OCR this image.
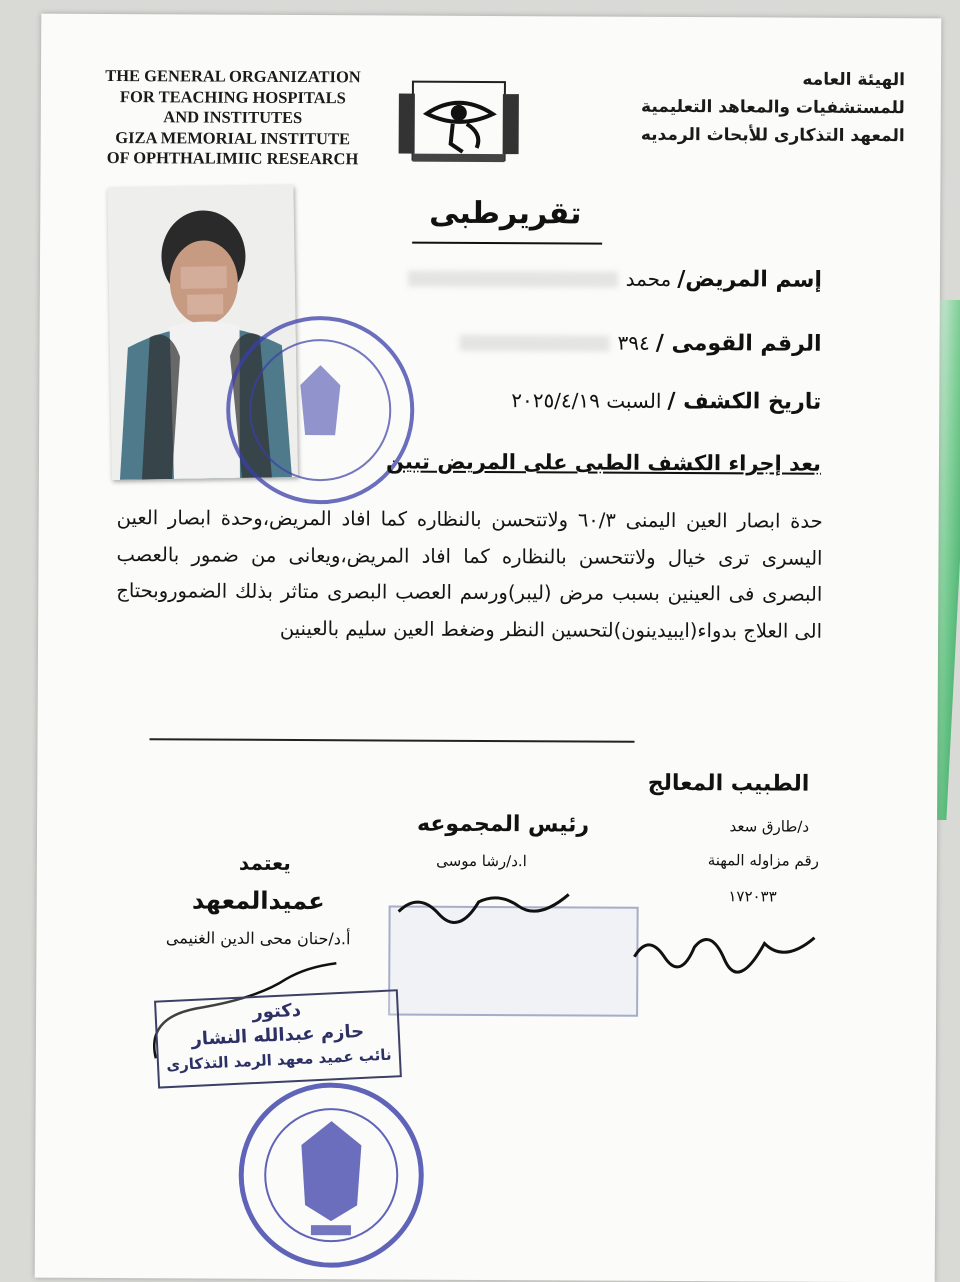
THE GENERAL ORGANIZATION
FOR TEACHING HOSPITALS
AND INSTITUTES
GIZA MEMORIAL INSTITUTE
OF OPHTHALIMIIC RESEARCH
الهيئة العامه
للمستشفيات والمعاهد التعليمية
المعهد التذكارى للأبحاث الرمديه
تقريرطبى
إسم المريض/محمد
الرقم القومى /٣٩٤
تاريخ الكشف /السبت ٢٠٢٥/٤/١٩
بعد إجراء الكشف الطبى على المريض تبين
حدة ابصار العين اليمنى ٦٠/٣ ولاتتحسن بالنظاره كما افاد المريض،وحدة ابصار العين اليسرى ترى خيال ولاتتحسن بالنظاره كما افاد المريض،ويعانى من ضمور بالعصب البصرى فى العينين بسبب مرض (ليبر)ورسم العصب البصرى متاثر بذلك الضموروبحتاج الى العلاج بدواء(ايبيدينون)لتحسين النظر وضغط العين سليم بالعينين
الطبيب المعالج
د/طارق سعد
رقم مزاوله المهنة
١٧٢٠٣٣
رئيس المجموعه
ا.د/رشا موسى
يعتمد
عميدالمعهد
أ.د/حنان محى الدين الغنيمى
دكتور
حازم عبدالله النشار
نائب عميد معهد الرمد التذكارى
